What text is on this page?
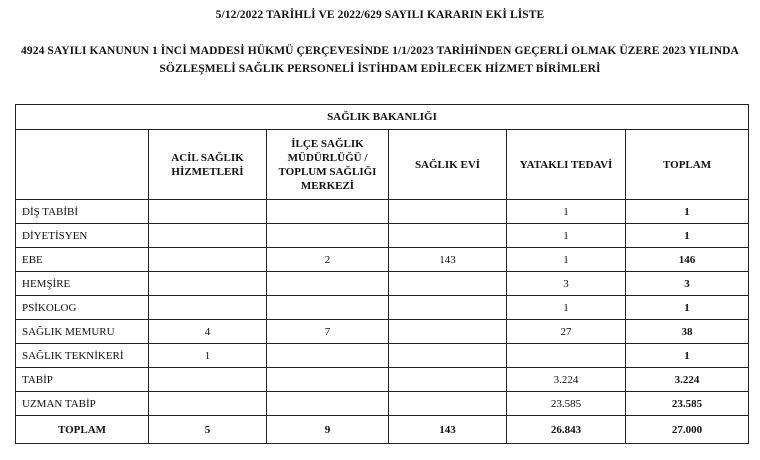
5/12/2022 TARİHLİ VE 2022/629 SAYILI KARARIN EKİ LİSTE
4924 SAYILI KANUNUN 1 İNCİ MADDESİ HÜKMÜ ÇERÇEVESİNDE 1/1/2023 TARİHİNDEN GEÇERLİ OLMAK ÜZERE 2023 YILINDA
SÖZLEŞMELİ SAĞLIK PERSONELİ İSTİHDAM EDİLECEK HİZMET BİRİMLERİ
SAĞLIK BAKANLIĞI					
	ACİL SAĞLIK HİZMETLERİ	İLÇE SAĞLIK MÜDÜRLÜĞÜ / TOPLUM SAĞLIĞI MERKEZİ	SAĞLIK EVİ	YATAKLI TEDAVİ	TOPLAM
DİŞ TABİBİ				1	1
DİYETİSYEN				1	1
EBE		2	143	1	146
HEMŞİRE				3	3
PSİKOLOG				1	1
SAĞLIK MEMURU	4	7		27	38
SAĞLIK TEKNİKERİ	1				1
TABİP				3.224	3.224
UZMAN TABİP				23.585	23.585
TOPLAM	5	9	143	26.843	27.000
